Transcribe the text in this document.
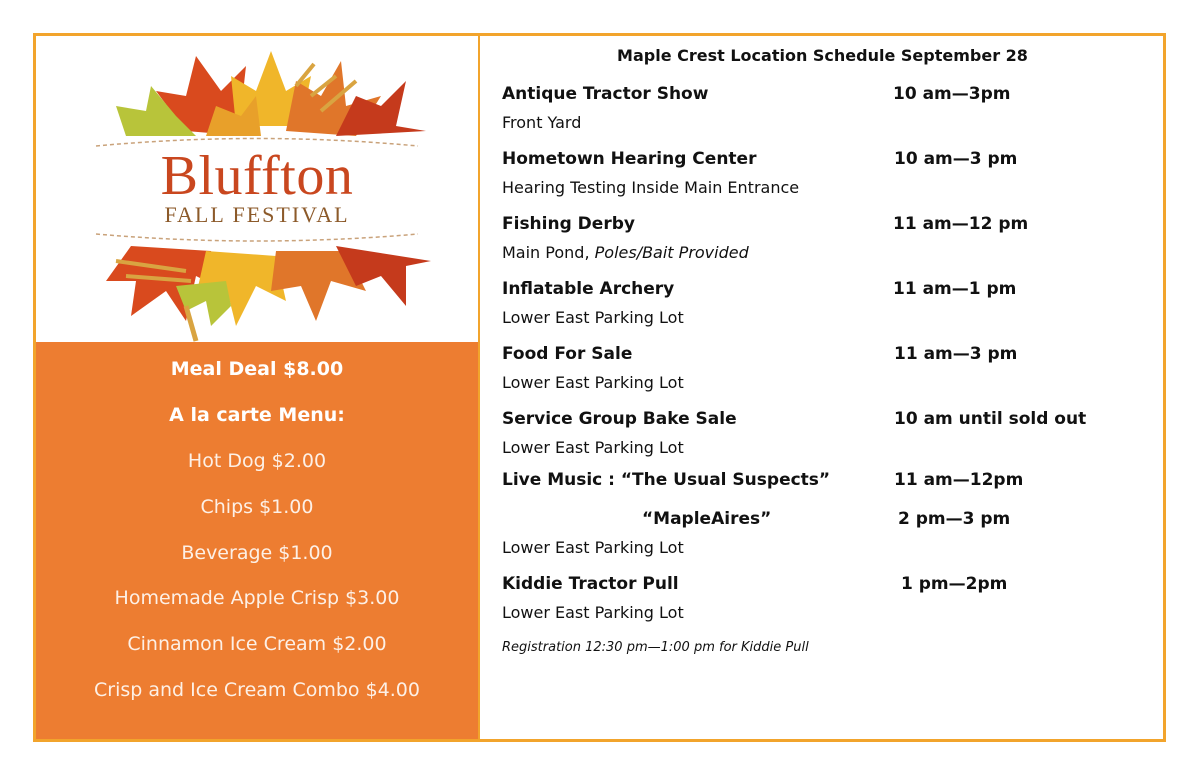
Bluffton
FALL FESTIVAL
Meal Deal $8.00
A la carte Menu:
Hot Dog $2.00
Chips $1.00
Beverage $1.00
Homemade Apple Crisp $3.00
Cinnamon Ice Cream $2.00
Crisp and Ice Cream Combo $4.00
Maple Crest Location Schedule September 28
Antique Tractor Show	10 am—3pm
Front Yard
Hometown Hearing Center	10 am—3 pm
Hearing Testing Inside Main Entrance
Fishing Derby	11 am—12 pm
Main Pond, Poles/Bait Provided
Inflatable Archery	11 am—1 pm
Lower East Parking Lot
Food For Sale	11 am—3 pm
Lower East Parking Lot
Service Group Bake Sale	10 am until sold out
Lower East Parking Lot
Live Music : “The Usual Suspects”	11 am—12pm
“MapleAires”	2 pm—3 pm
Lower East Parking Lot
Kiddie Tractor Pull	1 pm—2pm
Lower East Parking Lot
Registration 12:30 pm—1:00 pm for Kiddie Pull
